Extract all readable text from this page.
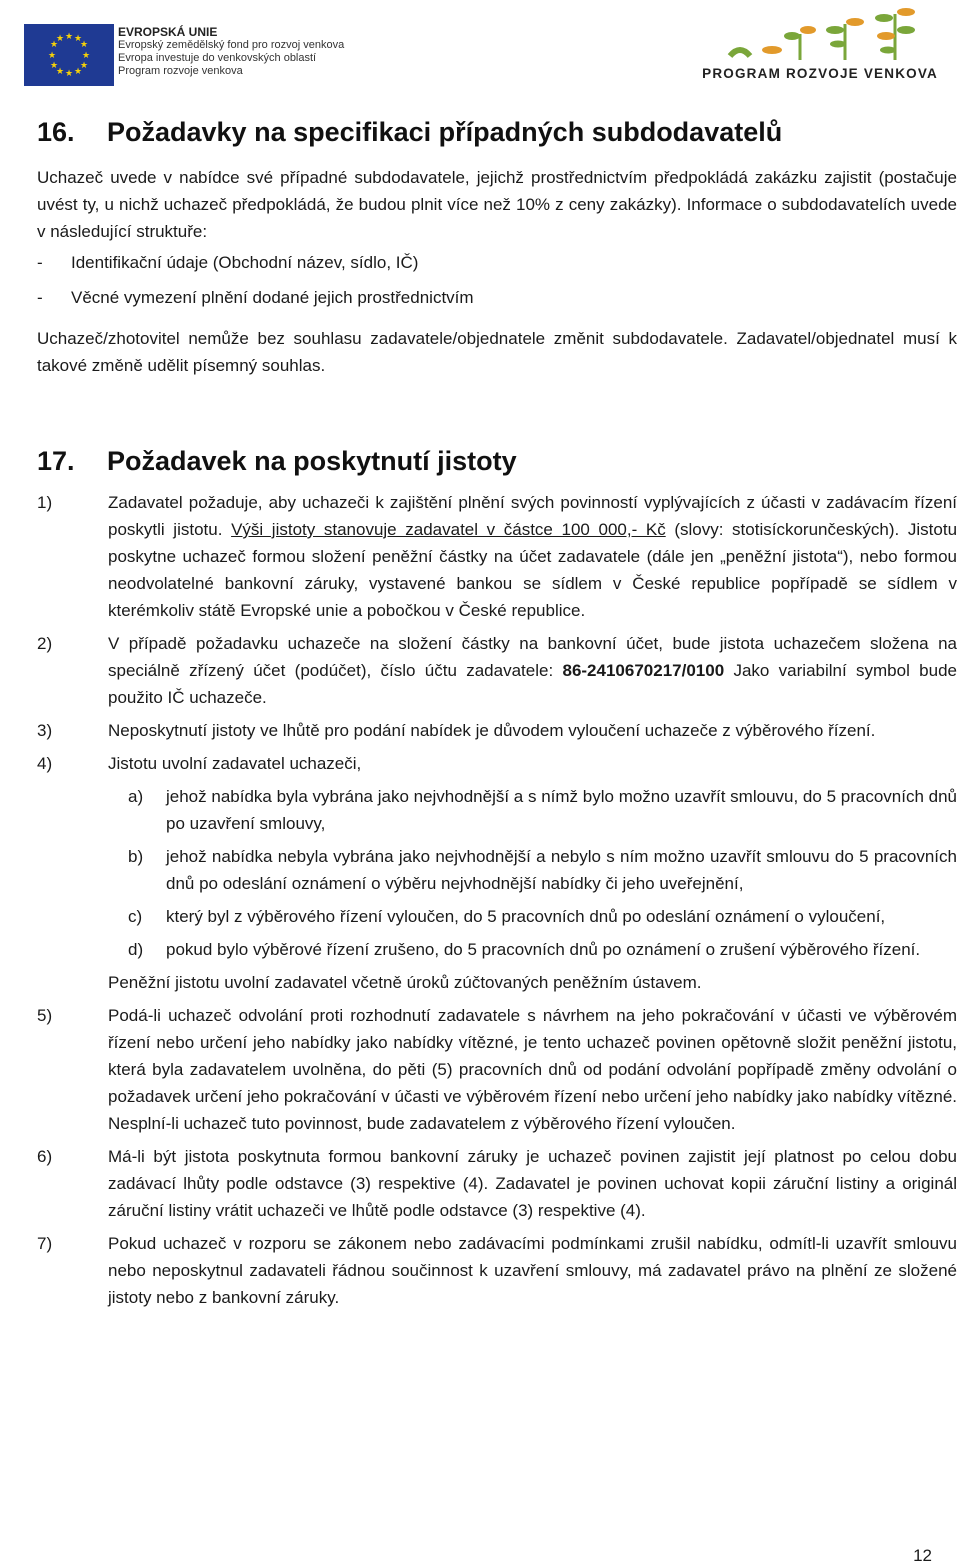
★ ★
★
★
★
★
★
★
★
★
★
★	EVROPSKÁ UNIE
Evropský zemědělský fond pro rozvoj venkova
Evropa investuje do venkovských oblastí
Program rozvoje venkova	PROGRAM ROZVOJE VENKOVA
16. Požadavky na specifikaci případných subdodavatelů

Uchazeč uvede v nabídce své případné subdodavatele, jejichž prostřednictvím předpokládá zakázku zajistit (postačuje uvést ty, u nichž uchazeč předpokládá, že budou plnit více než 10% z ceny zakázky). Informace o subdodavatelích uvede v následující struktuře:

- Identifikační údaje (Obchodní název, sídlo, IČ)

- Věcné vymezení plnění dodané jejich prostřednictvím

Uchazeč/zhotovitel nemůže bez souhlasu zadavatele/objednatele změnit subdodavatele. Zadavatel/objednatel musí k takové změně udělit písemný souhlas.

17. Požadavek na poskytnutí jistoty

1)	Zadavatel požaduje, aby uchazeči k zajištění plnění svých povinností vyplývajících z účasti v zadávacím řízení poskytli jistotu. Výši jistoty stanovuje zadavatel v částce 100 000,- Kč (slovy: stotisíckorunčeských). Jistotu poskytne uchazeč formou složení peněžní částky na účet zadavatele (dále jen „peněžní jistota“), nebo formou neodvolatelné bankovní záruky, vystavené bankou se sídlem v České republice popřípadě se sídlem v kterémkoliv státě Evropské unie a pobočkou v České republice.

2)	V případě požadavku uchazeče na složení částky na bankovní účet, bude jistota uchazečem složena na speciálně zřízený účet (podúčet), číslo účtu zadavatele: 86-2410670217/0100 Jako variabilní symbol bude použito IČ uchazeče.

3)	Neposkytnutí jistoty ve lhůtě pro podání nabídek je důvodem vyloučení uchazeče z výběrového řízení.

4)	Jistotu uvolní zadavatel uchazeči,

a) jehož nabídka byla vybrána jako nejvhodnější a s nímž bylo možno uzavřít smlouvu, do 5 pracovních dnů po uzavření smlouvy,

b) jehož nabídka nebyla vybrána jako nejvhodnější a nebylo s ním možno uzavřít smlouvu do 5 pracovních dnů po odeslání oznámení o výběru nejvhodnější nabídky či jeho uveřejnění,

c) který byl z výběrového řízení vyloučen, do 5 pracovních dnů po odeslání oznámení o vyloučení,

d) pokud bylo výběrové řízení zrušeno, do 5 pracovních dnů po oznámení o zrušení výběrového řízení.

Peněžní jistotu uvolní zadavatel včetně úroků zúčtovaných peněžním ústavem.

5)	Podá-li uchazeč odvolání proti rozhodnutí zadavatele s návrhem na jeho pokračování v účasti ve výběrovém řízení nebo určení jeho nabídky jako nabídky vítězné, je tento uchazeč povinen opětovně složit peněžní jistotu, která byla zadavatelem uvolněna, do pěti (5) pracovních dnů od podání odvolání popřípadě změny odvolání o požadavek určení jeho pokračování v účasti ve výběrovém řízení nebo určení jeho nabídky jako nabídky vítězné. Nesplní-li uchazeč tuto povinnost, bude zadavatelem z výběrového řízení vyloučen.

6)	Má-li být jistota poskytnuta formou bankovní záruky je uchazeč povinen zajistit její platnost po celou dobu zadávací lhůty podle odstavce (3) respektive (4). Zadavatel je povinen uchovat kopii záruční listiny a originál záruční listiny vrátit uchazeči ve lhůtě podle odstavce (3) respektive (4).

7)	Pokud uchazeč v rozporu se zákonem nebo zadávacími podmínkami zrušil nabídku, odmítl-li uzavřít smlouvu nebo neposkytnul zadavateli řádnou součinnost k uzavření smlouvy, má zadavatel právo na plnění ze složené jistoty nebo z bankovní záruky.

12
